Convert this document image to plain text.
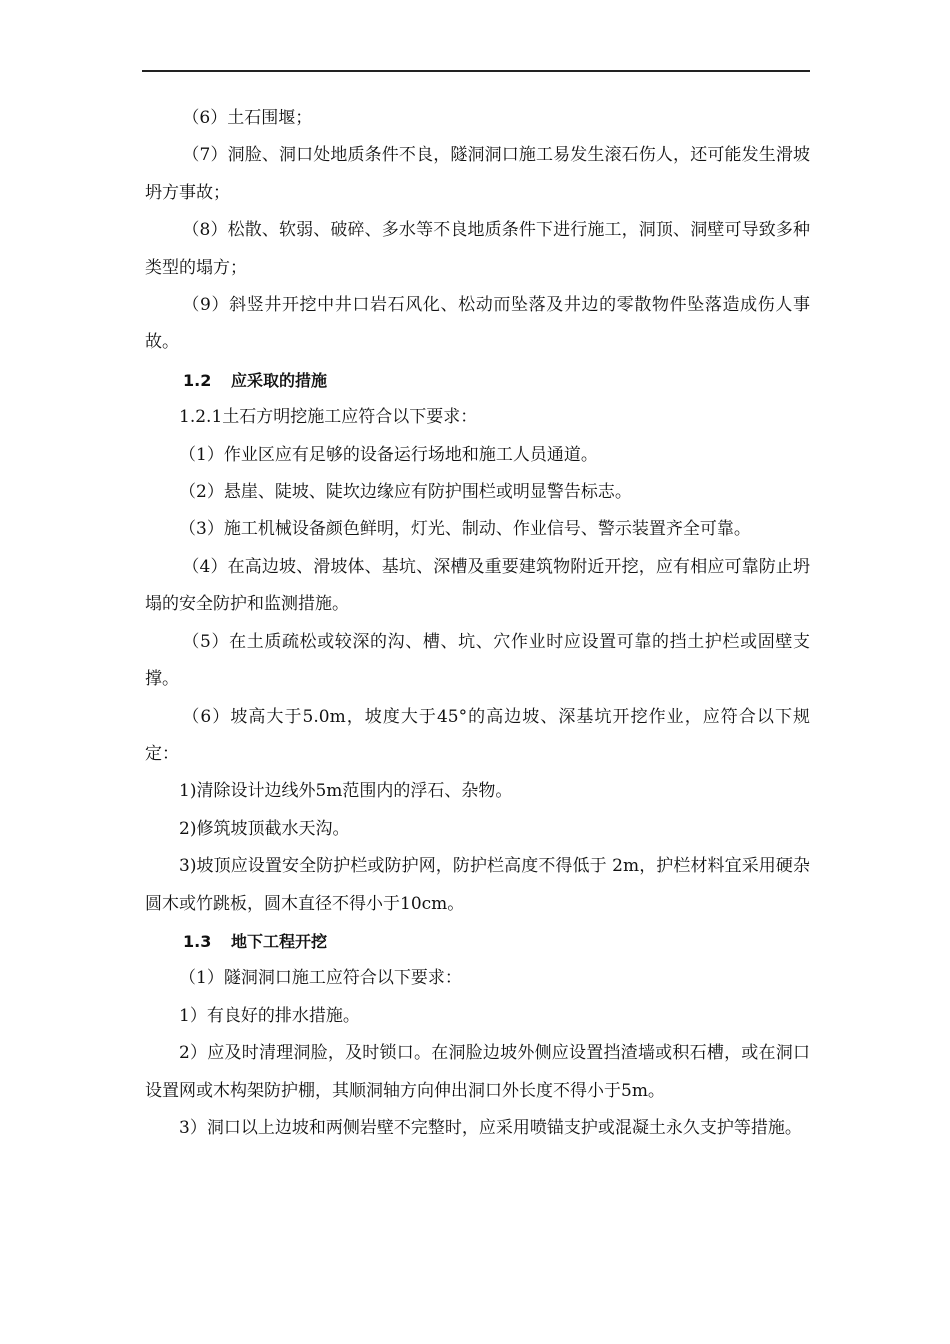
（6）土石围堰；

（7）洞脸、洞口处地质条件不良，隧洞洞口施工易发生滚石伤人，还可能发生滑坡坍方事故；

（8）松散、软弱、破碎、多水等不良地质条件下进行施工，洞顶、洞壁可导致多种类型的塌方；

（9）斜竖井开挖中井口岩石风化、松动而坠落及井边的零散物件坠落造成伤人事故。

1.2 应采取的措施

1.2.1土石方明挖施工应符合以下要求：

（1）作业区应有足够的设备运行场地和施工人员通道。

（2）悬崖、陡坡、陡坎边缘应有防护围栏或明显警告标志。

（3）施工机械设备颜色鲜明，灯光、制动、作业信号、警示装置齐全可靠。

（4）在高边坡、滑坡体、基坑、深槽及重要建筑物附近开挖，应有相应可靠防止坍塌的安全防护和监测措施。

（5）在土质疏松或较深的沟、槽、坑、穴作业时应设置可靠的挡土护栏或固壁支撑。

（6）坡高大于5.0m，坡度大于45°的高边坡、深基坑开挖作业，应符合以下规定：

1)清除设计边线外5m范围内的浮石、杂物。

2)修筑坡顶截水天沟。

3)坡顶应设置安全防护栏或防护网，防护栏高度不得低于 2m，护栏材料宜采用硬杂圆木或竹跳板，圆木直径不得小于10cm。

1.3 地下工程开挖

（1）隧洞洞口施工应符合以下要求：

1）有良好的排水措施。

2）应及时清理洞脸，及时锁口。在洞脸边坡外侧应设置挡渣墙或积石槽，或在洞口设置网或木构架防护棚，其顺洞轴方向伸出洞口外长度不得小于5m。

3）洞口以上边坡和两侧岩壁不完整时，应采用喷锚支护或混凝土永久支护等措施。
